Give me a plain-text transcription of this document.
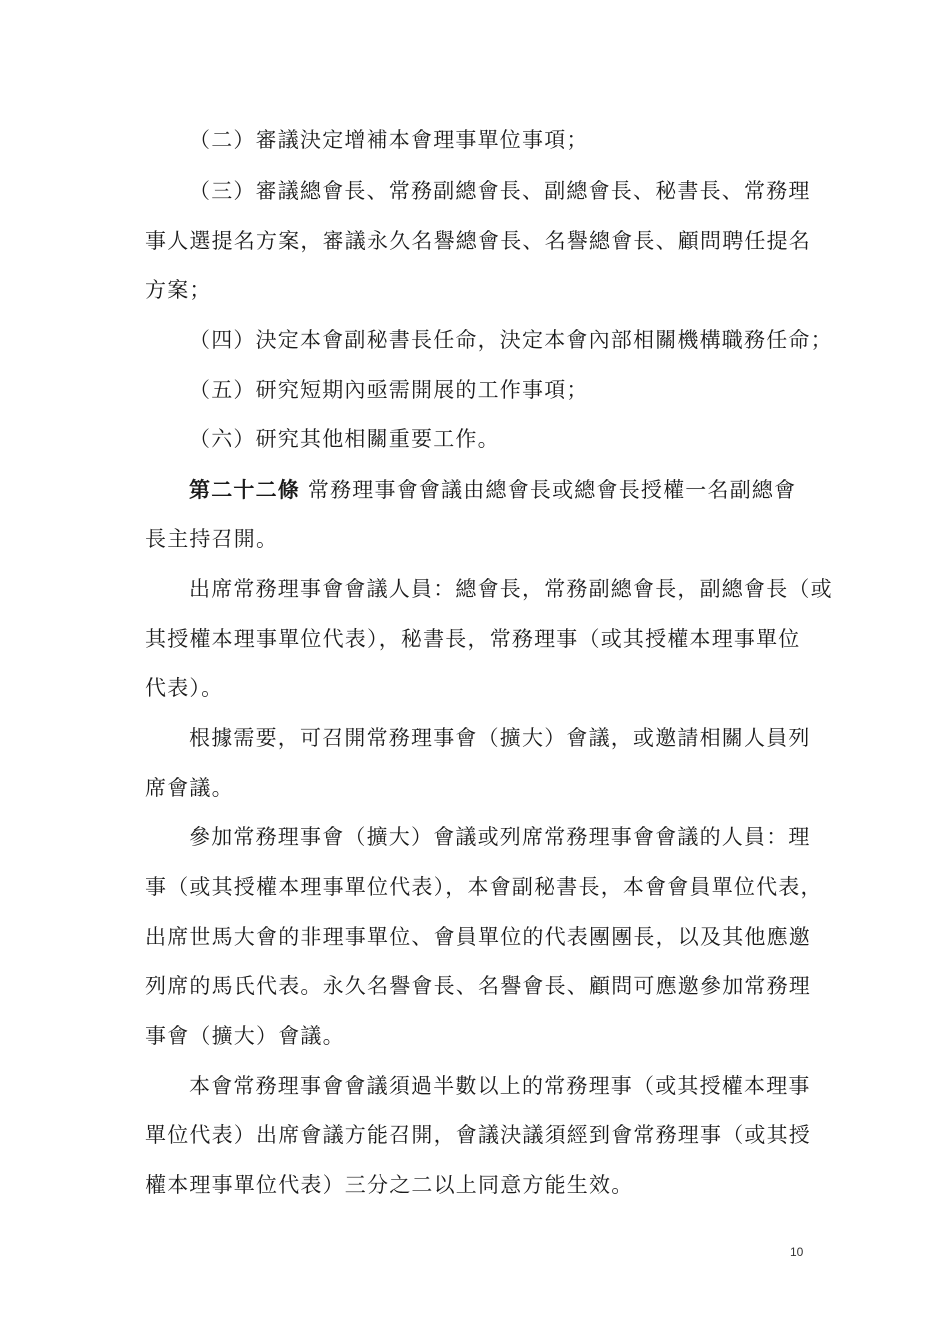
（二）審議決定增補本會理事單位事項；
（三）審議總會長、常務副總會長、副總會長、秘書長、常務理
事人選提名方案，審議永久名譽總會長、名譽總會長、顧問聘任提名
方案；
（四）決定本會副秘書長任命，決定本會內部相關機構職務任命；
（五）研究短期內亟需開展的工作事項；
（六）研究其他相關重要工作。
第二十二條 常務理事會會議由總會長或總會長授權一名副總會
長主持召開。
出席常務理事會會議人員：總會長，常務副總會長，副總會長（或
其授權本理事單位代表），秘書長，常務理事（或其授權本理事單位
代表）。
根據需要，可召開常務理事會（擴大）會議，或邀請相關人員列
席會議。
參加常務理事會（擴大）會議或列席常務理事會會議的人員：理
事（或其授權本理事單位代表），本會副秘書長，本會會員單位代表，
出席世馬大會的非理事單位、會員單位的代表團團長，以及其他應邀
列席的馬氏代表。永久名譽會長、名譽會長、顧問可應邀參加常務理
事會（擴大）會議。
本會常務理事會會議須過半數以上的常務理事（或其授權本理事
單位代表）出席會議方能召開，會議決議須經到會常務理事（或其授
權本理事單位代表）三分之二以上同意方能生效。
10
